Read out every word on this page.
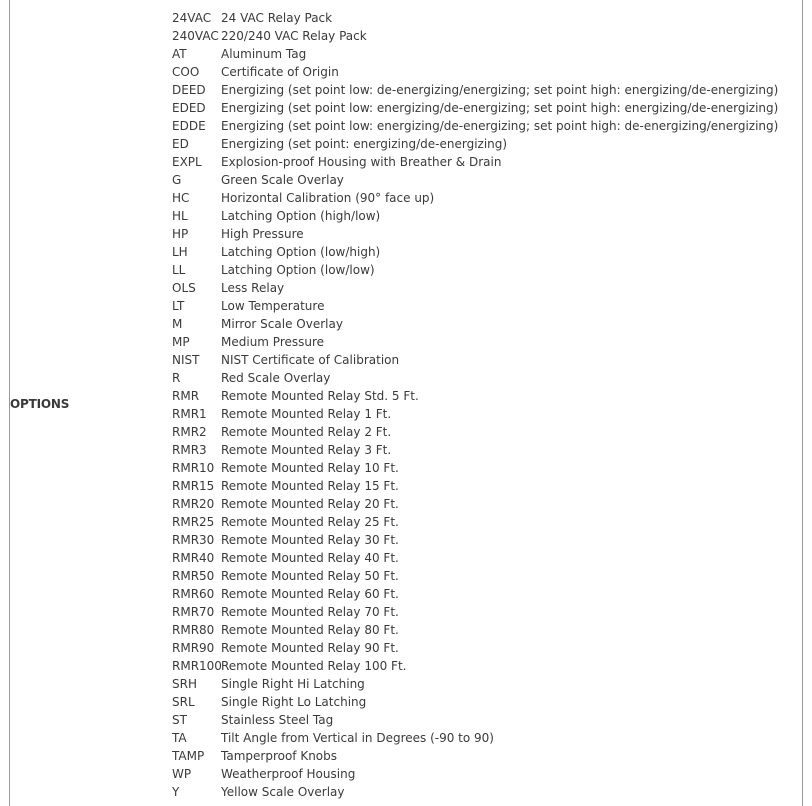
OPTIONS
24VAC 24 VAC Relay Pack
240VAC 220/240 VAC Relay Pack
AT	Aluminum Tag
COO	Certificate of Origin
DEED	Energizing (set point low: de-energizing/energizing; set point high: energizing/de-energizing)
EDED	Energizing (set point low: energizing/de-energizing; set point high: energizing/de-energizing)
EDDE	Energizing (set point low: energizing/de-energizing; set point high: de-energizing/energizing)
ED	Energizing (set point: energizing/de-energizing)
EXPL	Explosion-proof Housing with Breather & Drain
G	Green Scale Overlay
HC	Horizontal Calibration (90° face up)
HL	Latching Option (high/low)
HP	High Pressure
LH	Latching Option (low/high)
LL	Latching Option (low/low)
OLS	Less Relay
LT	Low Temperature
M	Mirror Scale Overlay
MP	Medium Pressure
NIST	NIST Certificate of Calibration
R	Red Scale Overlay
RMR	Remote Mounted Relay Std. 5 Ft.
RMR1	Remote Mounted Relay 1 Ft.
RMR2	Remote Mounted Relay 2 Ft.
RMR3	Remote Mounted Relay 3 Ft.
RMR10 Remote Mounted Relay 10 Ft.
RMR15 Remote Mounted Relay 15 Ft.
RMR20 Remote Mounted Relay 20 Ft.
RMR25 Remote Mounted Relay 25 Ft.
RMR30 Remote Mounted Relay 30 Ft.
RMR40 Remote Mounted Relay 40 Ft.
RMR50 Remote Mounted Relay 50 Ft.
RMR60 Remote Mounted Relay 60 Ft.
RMR70 Remote Mounted Relay 70 Ft.
RMR80 Remote Mounted Relay 80 Ft.
RMR90 Remote Mounted Relay 90 Ft.
RMR100 Remote Mounted Relay 100 Ft.
SRH	Single Right Hi Latching
SRL	Single Right Lo Latching
ST	Stainless Steel Tag
TA	Tilt Angle from Vertical in Degrees (-90 to 90)
TAMP	Tamperproof Knobs
WP	Weatherproof Housing
Y	Yellow Scale Overlay
